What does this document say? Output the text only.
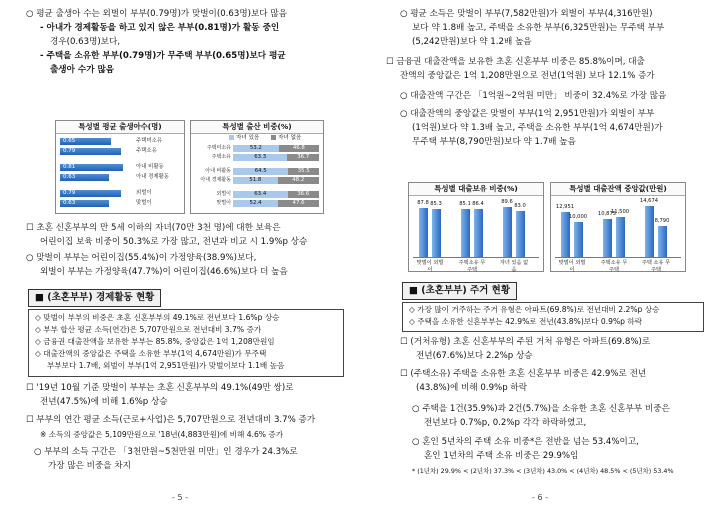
○ 평균 출생아 수는 외벌이 부부(0.79명)가 맞벌이(0.63명)보다 많음
- 아내가 경제활동을 하고 있지 않은 부부(0.81명)가 활동 중인
경우(0.63명)보다,
- 주택을 소유한 부부(0.79명)가 무주택 부부(0.65명)보다 평균
출생아 수가 많음
특성별 평균 출생아수(명)
0.65	주택미소유
0.79	주택소유
0.81	아내 비활동
0.63	아내 경제활동
0.79	외벌이
0.63	맞벌이
특성별 출산 비중(%)
자녀 있음	자녀 없음
주택미소유	53.2	46.8
주택소유	63.3	36.7
아내 비활동	64.5	35.5
아내 경제활동	51.8	48.2
외벌이	63.4	36.6
맞벌이	52.4	47.6
☐ 초혼 신혼부부의 만 5세 이하의 자녀(70만 3천 명)에 대한 보육은
어린이집 보육 비중이 50.3%로 가장 많고, 전년과 비교 시 1.9%p 상승
○ 맞벌이 부부는 어린이집(55.4%)이 가정양육(38.9%)보다,
외벌이 부부는 가정양육(47.7%)이 어린이집(46.6%)보다 더 높음
■ (초혼부부) 경제활동 현황
◇ 맞벌이 부부의 비중은 초혼 신혼부부의 49.1%로 전년보다 1.6%p 상승
◇ 부부 합산 평균 소득(연간)은 5,707만원으로 전년대비 3.7% 증가
◇ 금융권 대출잔액을 보유한 부부는 85.8%, 중앙값은 1억 1,208만원임
◇ 대출잔액의 중앙값은 주택을 소유한 부부(1억 4,674만원)가 무주택
부부보다 1.7배, 외벌이 부부(1억 2,951만원)가 맞벌이보다 1.1배 높음
☐ '19년 10월 기준 맞벌이 부부는 초혼 신혼부부의 49.1%(49만 쌍)로
전년(47.5%)에 비해 1.6%p 상승
☐ 부부의 연간 평균 소득(근로+사업)은 5,707만원으로 전년대비 3.7% 증가
※ 소득의 중앙값은 5,109만원으로 '18년(4,883만원)에 비해 4.6% 증가
○ 부부의 소득 구간은 「3천만원~5천만원 미만」인 경우가 24.3%로
가장 많은 비중을 차지
- 5 -
○ 평균 소득은 맞벌이 부부(7,582만원)가 외벌이 부부(4,316만원)
보다 약 1.8배 높고, 주택을 소유한 부부(6,325만원)는 무주택 부부
(5,242만원)보다 약 1.2배 높음
☐ 금융권 대출잔액을 보유한 초혼 신혼부부 비중은 85.8%이며, 대출
잔액의 중앙값은 1억 1,208만원으로 전년(1억원) 보다 12.1% 증가
○ 대출잔액 구간은 「1억원~2억원 미만」 비중이 32.4%로 가장 많음
○ 대출잔액의 중앙값은 맞벌이 부부(1억 2,951만원)가 외벌이 부부
(1억원)보다 약 1.3배 높고, 주택을 소유한 부부(1억 4,674만원)가
무주택 부부(8,790만원)보다 약 1.7배 높음
특성별 대출보유 비중(%)
87.8 85.3
맞벌이 외벌이
85.1 86.4
주택소유 무주택
89.6
83.0
자녀 있음 없음
특성별 대출잔액 중앙값(만원)
12,951
10,000
맞벌이 외벌이
10,875
11,500
주택소유 무주택
14,674
8,790
주택 소유 무주택
■ (초혼부부) 주거 현황
◇ 가장 많이 거주하는 주거 유형은 아파트(69.8%)로 전년대비 2.2%p 상승
◇ 주택을 소유한 신혼부부는 42.9%로 전년(43.8%)보다 0.9%p 하락
☐ (거처유형) 초혼 신혼부부의 주된 거처 유형은 아파트(69.8%)로
전년(67.6%)보다 2.2%p 상승
☐ (주택소유) 주택을 소유한 초혼 신혼부부 비중은 42.9%로 전년
(43.8%)에 비해 0.9%p 하락
○ 주택을 1건(35.9%)과 2건(5.7%)을 소유한 초혼 신혼부부 비중은
전년보다 0.7%p, 0.2%p 각각 하락하였고,
○ 혼인 5년차의 주택 소유 비중*은 전반을 넘는 53.4%이고,
혼인 1년차의 주택 소유 비중은 29.9%임
* (1년차) 29.9% < (2년차) 37.3% < (3년차) 43.0% < (4년차) 48.5% < (5년차) 53.4%
- 6 -
